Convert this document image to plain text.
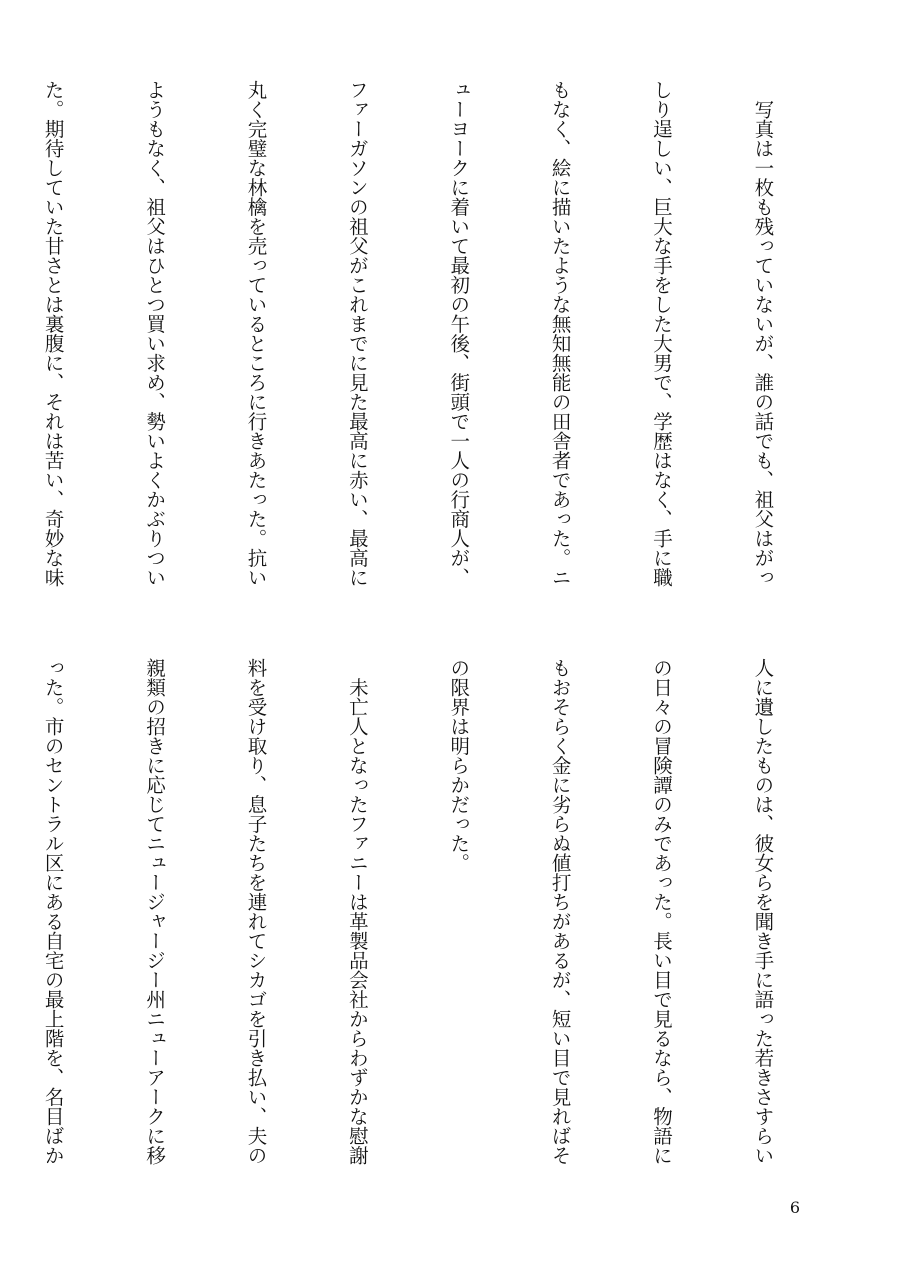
　写真は一枚も残っていないが、誰の話でも、祖父はがっ

しり逞しい、巨大な手をした大男で、学歴はなく、手に職

もなく、絵に描いたような無知無能の田舎者であった。ニ

ューヨークに着いて最初の午後、街頭で一人の行商人が、

ファーガソンの祖父がこれまでに見た最高に赤い、最高に

丸く完璧な林檎を売っているところに行きあたった。抗い

ようもなく、祖父はひとつ買い求め、勢いよくかぶりつい

た。期待していた甘さとは裏腹に、それは苦い、奇妙な味

人に遺したものは、彼女らを聞き手に語った若きさすらい

の日々の冒険譚のみであった。長い目で見るなら、物語に

もおそらく金に劣らぬ値打ちがあるが、短い目で見ればそ

の限界は明らかだった。

　未亡人となったファニーは革製品会社からわずかな慰謝

料を受け取り、息子たちを連れてシカゴを引き払い、夫の

親類の招きに応じてニュージャージー州ニューアークに移

った。市のセントラル区にある自宅の最上階を、名目ばか

6
